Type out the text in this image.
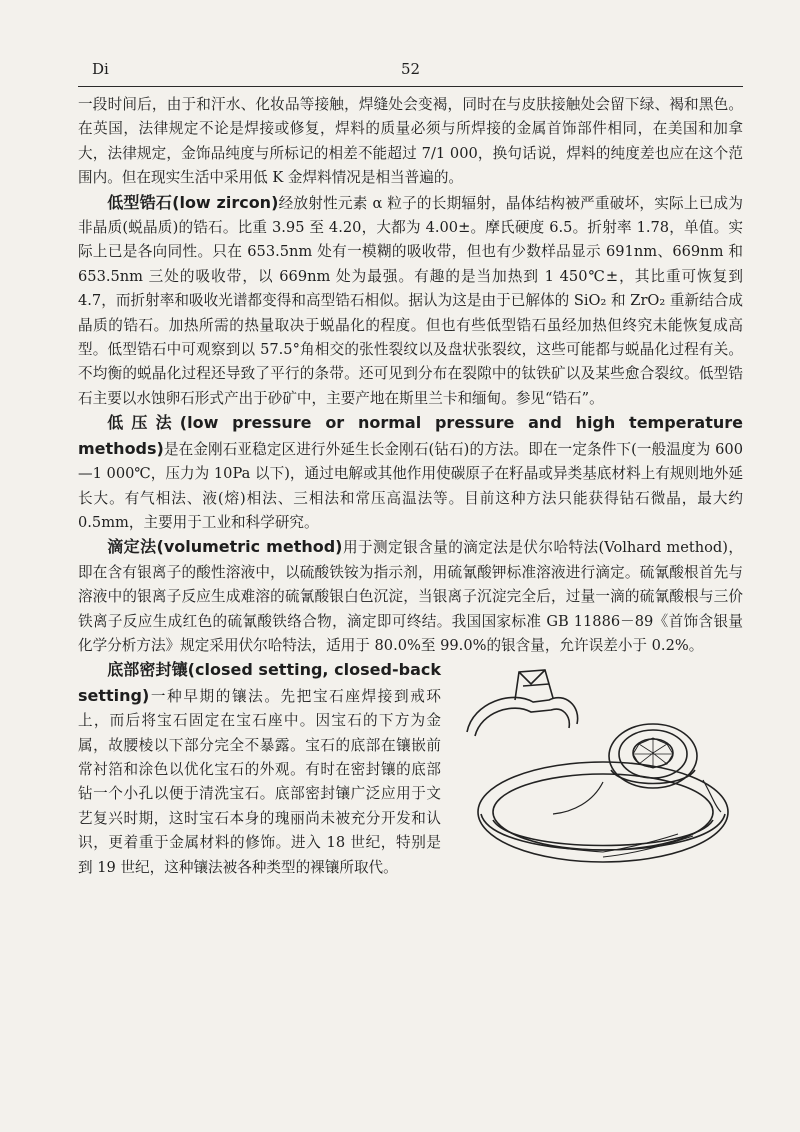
Di	52

一段时间后，由于和汗水、化妆品等接触，焊缝处会变褐，同时在与皮肤接触处会留下绿、褐和黑色。在英国，法律规定不论是焊接或修复，焊料的质量必须与所焊接的金属首饰部件相同，在美国和加拿大，法律规定，金饰品纯度与所标记的相差不能超过 7/1 000，换句话说，焊料的纯度差也应在这个范围内。但在现实生活中采用低 K 金焊料情况是相当普遍的。

低型锆石(low zircon)经放射性元素 α 粒子的长期辐射，晶体结构被严重破坏，实际上已成为非晶质(蜕晶质)的锆石。比重 3.95 至 4.20，大都为 4.00±。摩氏硬度 6.5。折射率 1.78，单值。实际上已是各向同性。只在 653.5nm 处有一模糊的吸收带，但也有少数样品显示 691nm、669nm 和 653.5nm 三处的吸收带，以 669nm 处为最强。有趣的是当加热到 1 450℃±，其比重可恢复到 4.7，而折射率和吸收光谱都变得和高型锆石相似。据认为这是由于已解体的 SiO₂ 和 ZrO₂ 重新结合成晶质的锆石。加热所需的热量取决于蜕晶化的程度。但也有些低型锆石虽经加热但终究未能恢复成高型。低型锆石中可观察到以 57.5°角相交的张性裂纹以及盘状张裂纹，这些可能都与蜕晶化过程有关。不均衡的蜕晶化过程还导致了平行的条带。还可见到分布在裂隙中的钛铁矿以及某些愈合裂纹。低型锆石主要以水蚀卵石形式产出于砂矿中，主要产地在斯里兰卡和缅甸。参见“锆石”。

低压法(low pressure or normal pressure and high temperature methods)是在金刚石亚稳定区进行外延生长金刚石(钻石)的方法。即在一定条件下(一般温度为 600—1 000℃，压力为 10Pa 以下)，通过电解或其他作用使碳原子在籽晶或异类基底材料上有规则地外延长大。有气相法、液(熔)相法、三相法和常压高温法等。目前这种方法只能获得钻石微晶，最大约 0.5mm，主要用于工业和科学研究。

滴定法(volumetric method)用于测定银含量的滴定法是伏尔哈特法(Volhard method)，即在含有银离子的酸性溶液中，以硫酸铁铵为指示剂，用硫氰酸钾标准溶液进行滴定。硫氰酸根首先与溶液中的银离子反应生成难溶的硫氰酸银白色沉淀，当银离子沉淀完全后，过量一滴的硫氰酸根与三价铁离子反应生成红色的硫氰酸铁络合物，滴定即可终结。我国国家标准 GB 11886－89《首饰含银量化学分析方法》规定采用伏尔哈特法，适用于 80.0%至 99.0%的银含量，允许误差小于 0.2%。

底部密封镶(closed setting, closed-back setting)一种早期的镶法。先把宝石座焊接到戒环上，而后将宝石固定在宝石座中。因宝石的下方为金属，故腰棱以下部分完全不暴露。宝石的底部在镶嵌前常衬箔和涂色以优化宝石的外观。有时在密封镶的底部钻一个小孔以便于清洗宝石。底部密封镶广泛应用于文艺复兴时期，这时宝石本身的瑰丽尚未被充分开发和认识，更着重于金属材料的修饰。进入 18 世纪，特别是到 19 世纪，这种镶法被各种类型的裸镶所取代。
